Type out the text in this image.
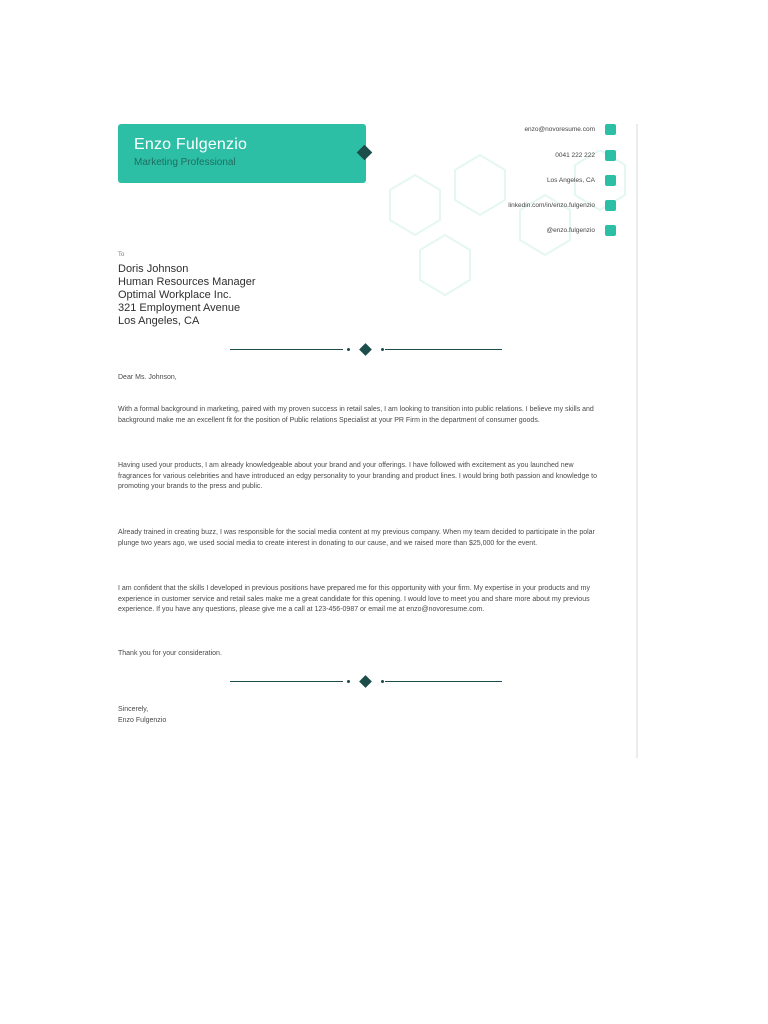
Enzo Fulgenzio
Marketing Professional
enzo@novoresume.com
0041 222 222
Los Angeles, CA
linkedin.com/in/enzo.fulgenzio
@enzo.fulgenzio
To
Doris Johnson
Human Resources Manager
Optimal Workplace Inc.
321 Employment Avenue
Los Angeles, CA
Dear Ms. Johnson,
With a formal background in marketing, paired with my proven success in retail sales, I am looking to transition into public relations. I believe my skills and background make me an excellent fit for the position of Public relations Specialist at your PR Firm in the department of consumer goods.
Having used your products, I am already knowledgeable about your brand and your offerings. I have followed with excitement as you launched new fragrances for various celebrities and have introduced an edgy personality to your branding and product lines. I would bring both passion and knowledge to promoting your brands to the press and public.
Already trained in creating buzz, I was responsible for the social media content at my previous company. When my team decided to participate in the polar plunge two years ago, we used social media to create interest in donating to our cause, and we raised more than $25,000 for the event.
I am confident that the skills I developed in previous positions have prepared me for this opportunity with your firm. My expertise in your products and my experience in customer service and retail sales make me a great candidate for this opening. I would love to meet you and share more about my previous experience. If you have any questions, please give me a call at 123-456-0987 or email me at enzo@novoresume.com.
Thank you for your consideration.
Sincerely,
Enzo Fulgenzio
